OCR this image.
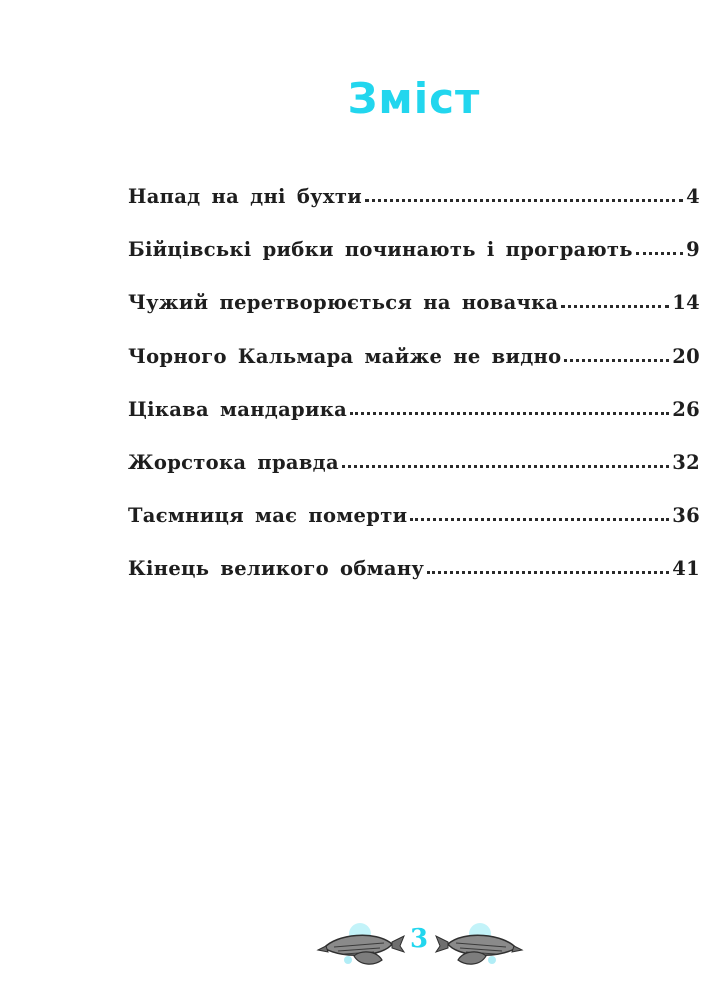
Зміст
Напад на дні бухти	4
Бійцівські рибки починають і програють	9
Чужий перетворюється на новачка	14
Чорного Кальмара майже не видно	20
Цікава мандарика	26
Жорстока правда	32
Таємниця має померти	36
Кінець великого обману	41
3
